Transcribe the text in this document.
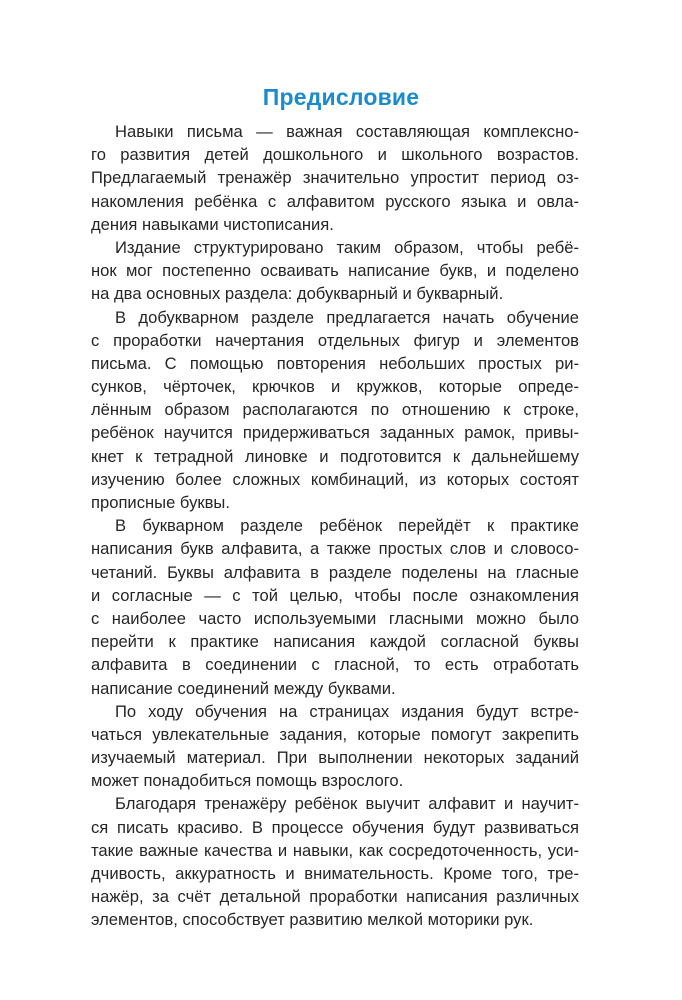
Предисловие

Навыки письма — важная составляющая комплексно-
го развития детей дошкольного и школьного возрастов.
Предлагаемый тренажёр значительно упростит период оз-
накомления ребёнка с алфавитом русского языка и овла-
дения навыками чистописания.

Издание структурировано таким образом, чтобы ребё-
нок мог постепенно осваивать написание букв, и поделено
на два основных раздела: добукварный и букварный.

В добукварном разделе предлагается начать обучение
с проработки начертания отдельных фигур и элементов
письма. С помощью повторения небольших простых ри-
сунков, чёрточек, крючков и кружков, которые опреде-
лённым образом располагаются по отношению к строке,
ребёнок научится придерживаться заданных рамок, привы-
кнет к тетрадной линовке и подготовится к дальнейшему
изучению более сложных комбинаций, из которых состоят
прописные буквы.

В букварном разделе ребёнок перейдёт к практике
написания букв алфавита, а также простых слов и словосо-
четаний. Буквы алфавита в разделе поделены на гласные
и согласные — с той целью, чтобы после ознакомления
с наиболее часто используемыми гласными можно было
перейти к практике написания каждой согласной буквы
алфавита в соединении с гласной, то есть отработать
написание соединений между буквами.

По ходу обучения на страницах издания будут встре-
чаться увлекательные задания, которые помогут закрепить
изучаемый материал. При выполнении некоторых заданий
может понадобиться помощь взрослого.

Благодаря тренажёру ребёнок выучит алфавит и научит-
ся писать красиво. В процессе обучения будут развиваться
такие важные качества и навыки, как сосредоточенность, уси-
дчивость, аккуратность и внимательность. Кроме того, тре-
нажёр, за счёт детальной проработки написания различных
элементов, способствует развитию мелкой моторики рук.
